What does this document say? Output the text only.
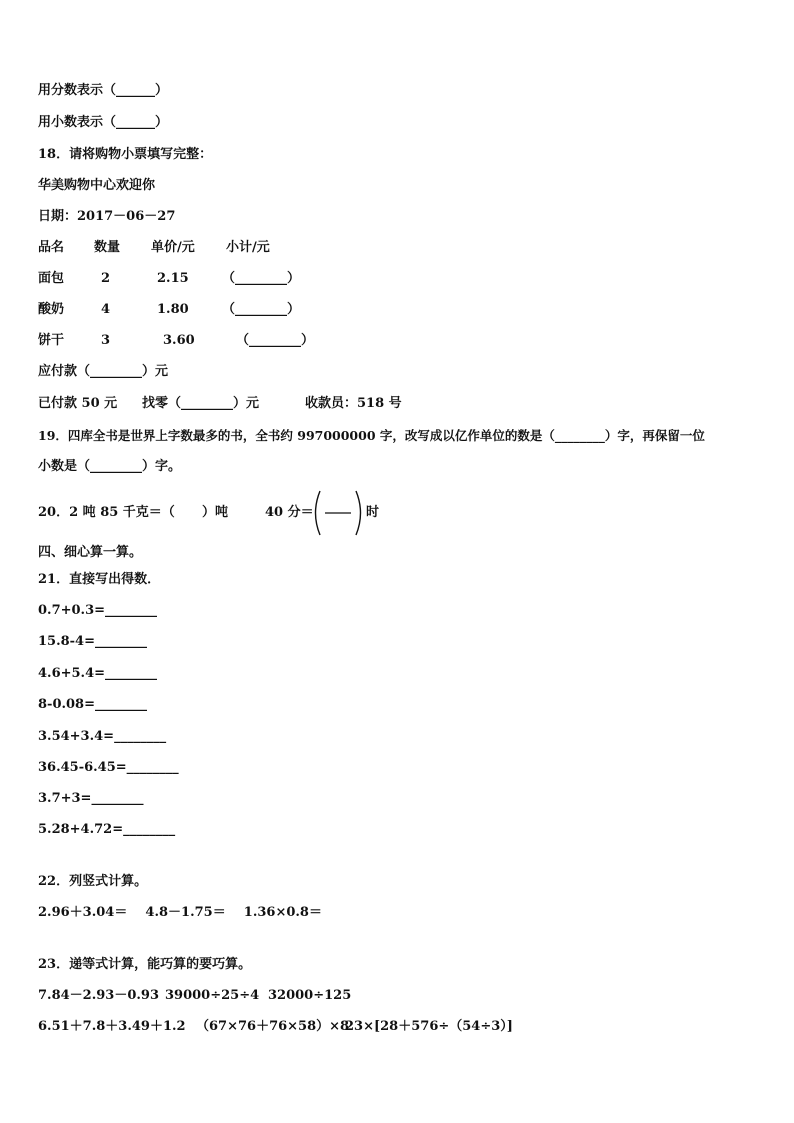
用分数表示（______）
用小数表示（______）
18．请将购物小票填写完整：
华美购物中心欢迎你
日期：2017－06－27
品名 数量 单价/元 小计/元
面包	2	2.15	（________）
酸奶	4	1.80	（________）
饼干	3	3.60	（________）
应付款（________）元
已付款 50 元 找零（________）元	收款员：518 号
19．四库全书是世界上字数最多的书，全书约 997000000 字，改写成以亿作单位的数是（________）字，再保留一位
小数是（________）字。
20．2 吨 85 千克＝（      ）吨	40 分＝	时
四、细心算一算。
21．直接写出得数．
0.7+0.3=________
15.8-4=________
4.6+5.4=________
8-0.08=________
3.54+3.4=________
36.45-6.45=________
3.7+3=________
5.28+4.72=________
22．列竖式计算。
2.96＋3.04＝    4.8－1.75＝    1.36×0.8＝
23．递等式计算，能巧算的要巧算。
7.84－2.93－0.93 39000÷25÷4 32000÷125
6.51＋7.8＋3.49＋1.2 （67×76＋76×58）×8
23×[28＋576÷（54÷3）]
